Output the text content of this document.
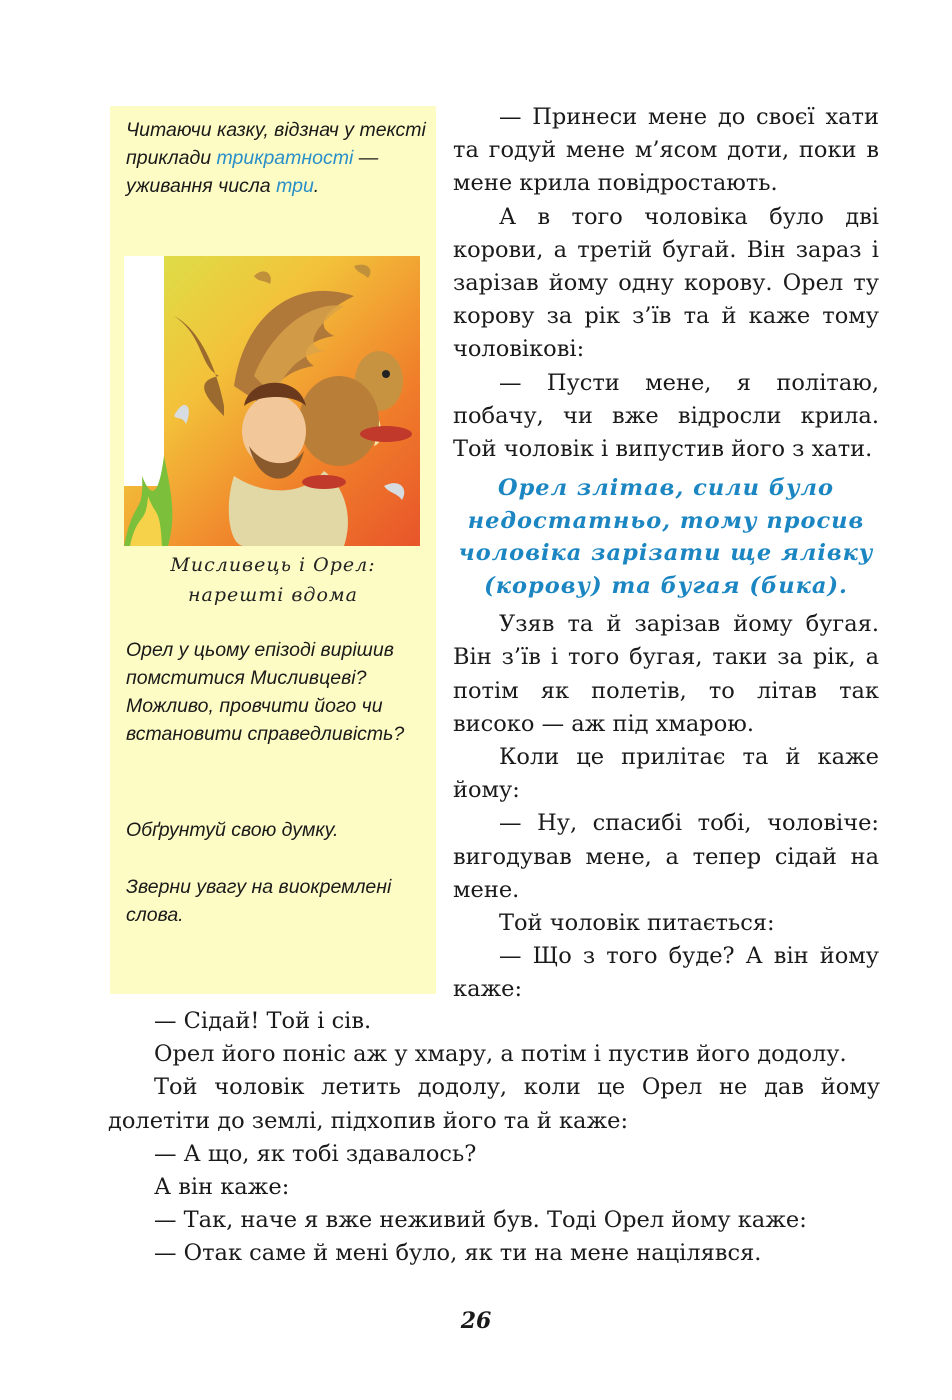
Читаючи казку, відзнач у тексті приклади трикратності — уживання числа три.
Мисливець і Орел:
нарешті вдома
Орел у цьому епізоді вирішив помститися Мисливцеві? Можливо, провчити його чи встановити справедливість?
Обґрунтуй свою думку.
Зверни увагу на виокремлені слова.

— Принеси мене до своєї хати та годуй мене м’ясом доти, поки в мене крила повідростають.

А в того чоловіка було дві корови, а третій бугай. Він зараз і зарізав йому одну корову. Орел ту корову за рік з’їв та й каже тому чоловікові:

— Пусти мене, я політаю, побачу, чи вже відросли крила. Той чоловік і випустив його з хати.

Орел злітав, сили було недостатньо, тому просив чоловіка зарізати ще ялівку (корову) та бугая (бика).

Узяв та й зарізав йому бугая. Він з’їв і того бугая, таки за рік, а потім як полетів, то літав так високо — аж під хмарою.

Коли це прилітає та й каже йому:

— Ну, спасибі тобі, чоловіче: вигодував мене, а тепер сідай на мене.

Той чоловік питається:

— Що з того буде? А він йому каже:

— Сідай! Той і сів.

Орел його поніс аж у хмару, а потім і пустив його додолу.

Той чоловік летить додолу, коли це Орел не дав йому долетіти до землі, підхопив його та й каже:

— А що, як тобі здавалось?

А він каже:

— Так, наче я вже неживий був. Тоді Орел йому каже:

— Отак саме й мені було, як ти на мене націлявся.

26
